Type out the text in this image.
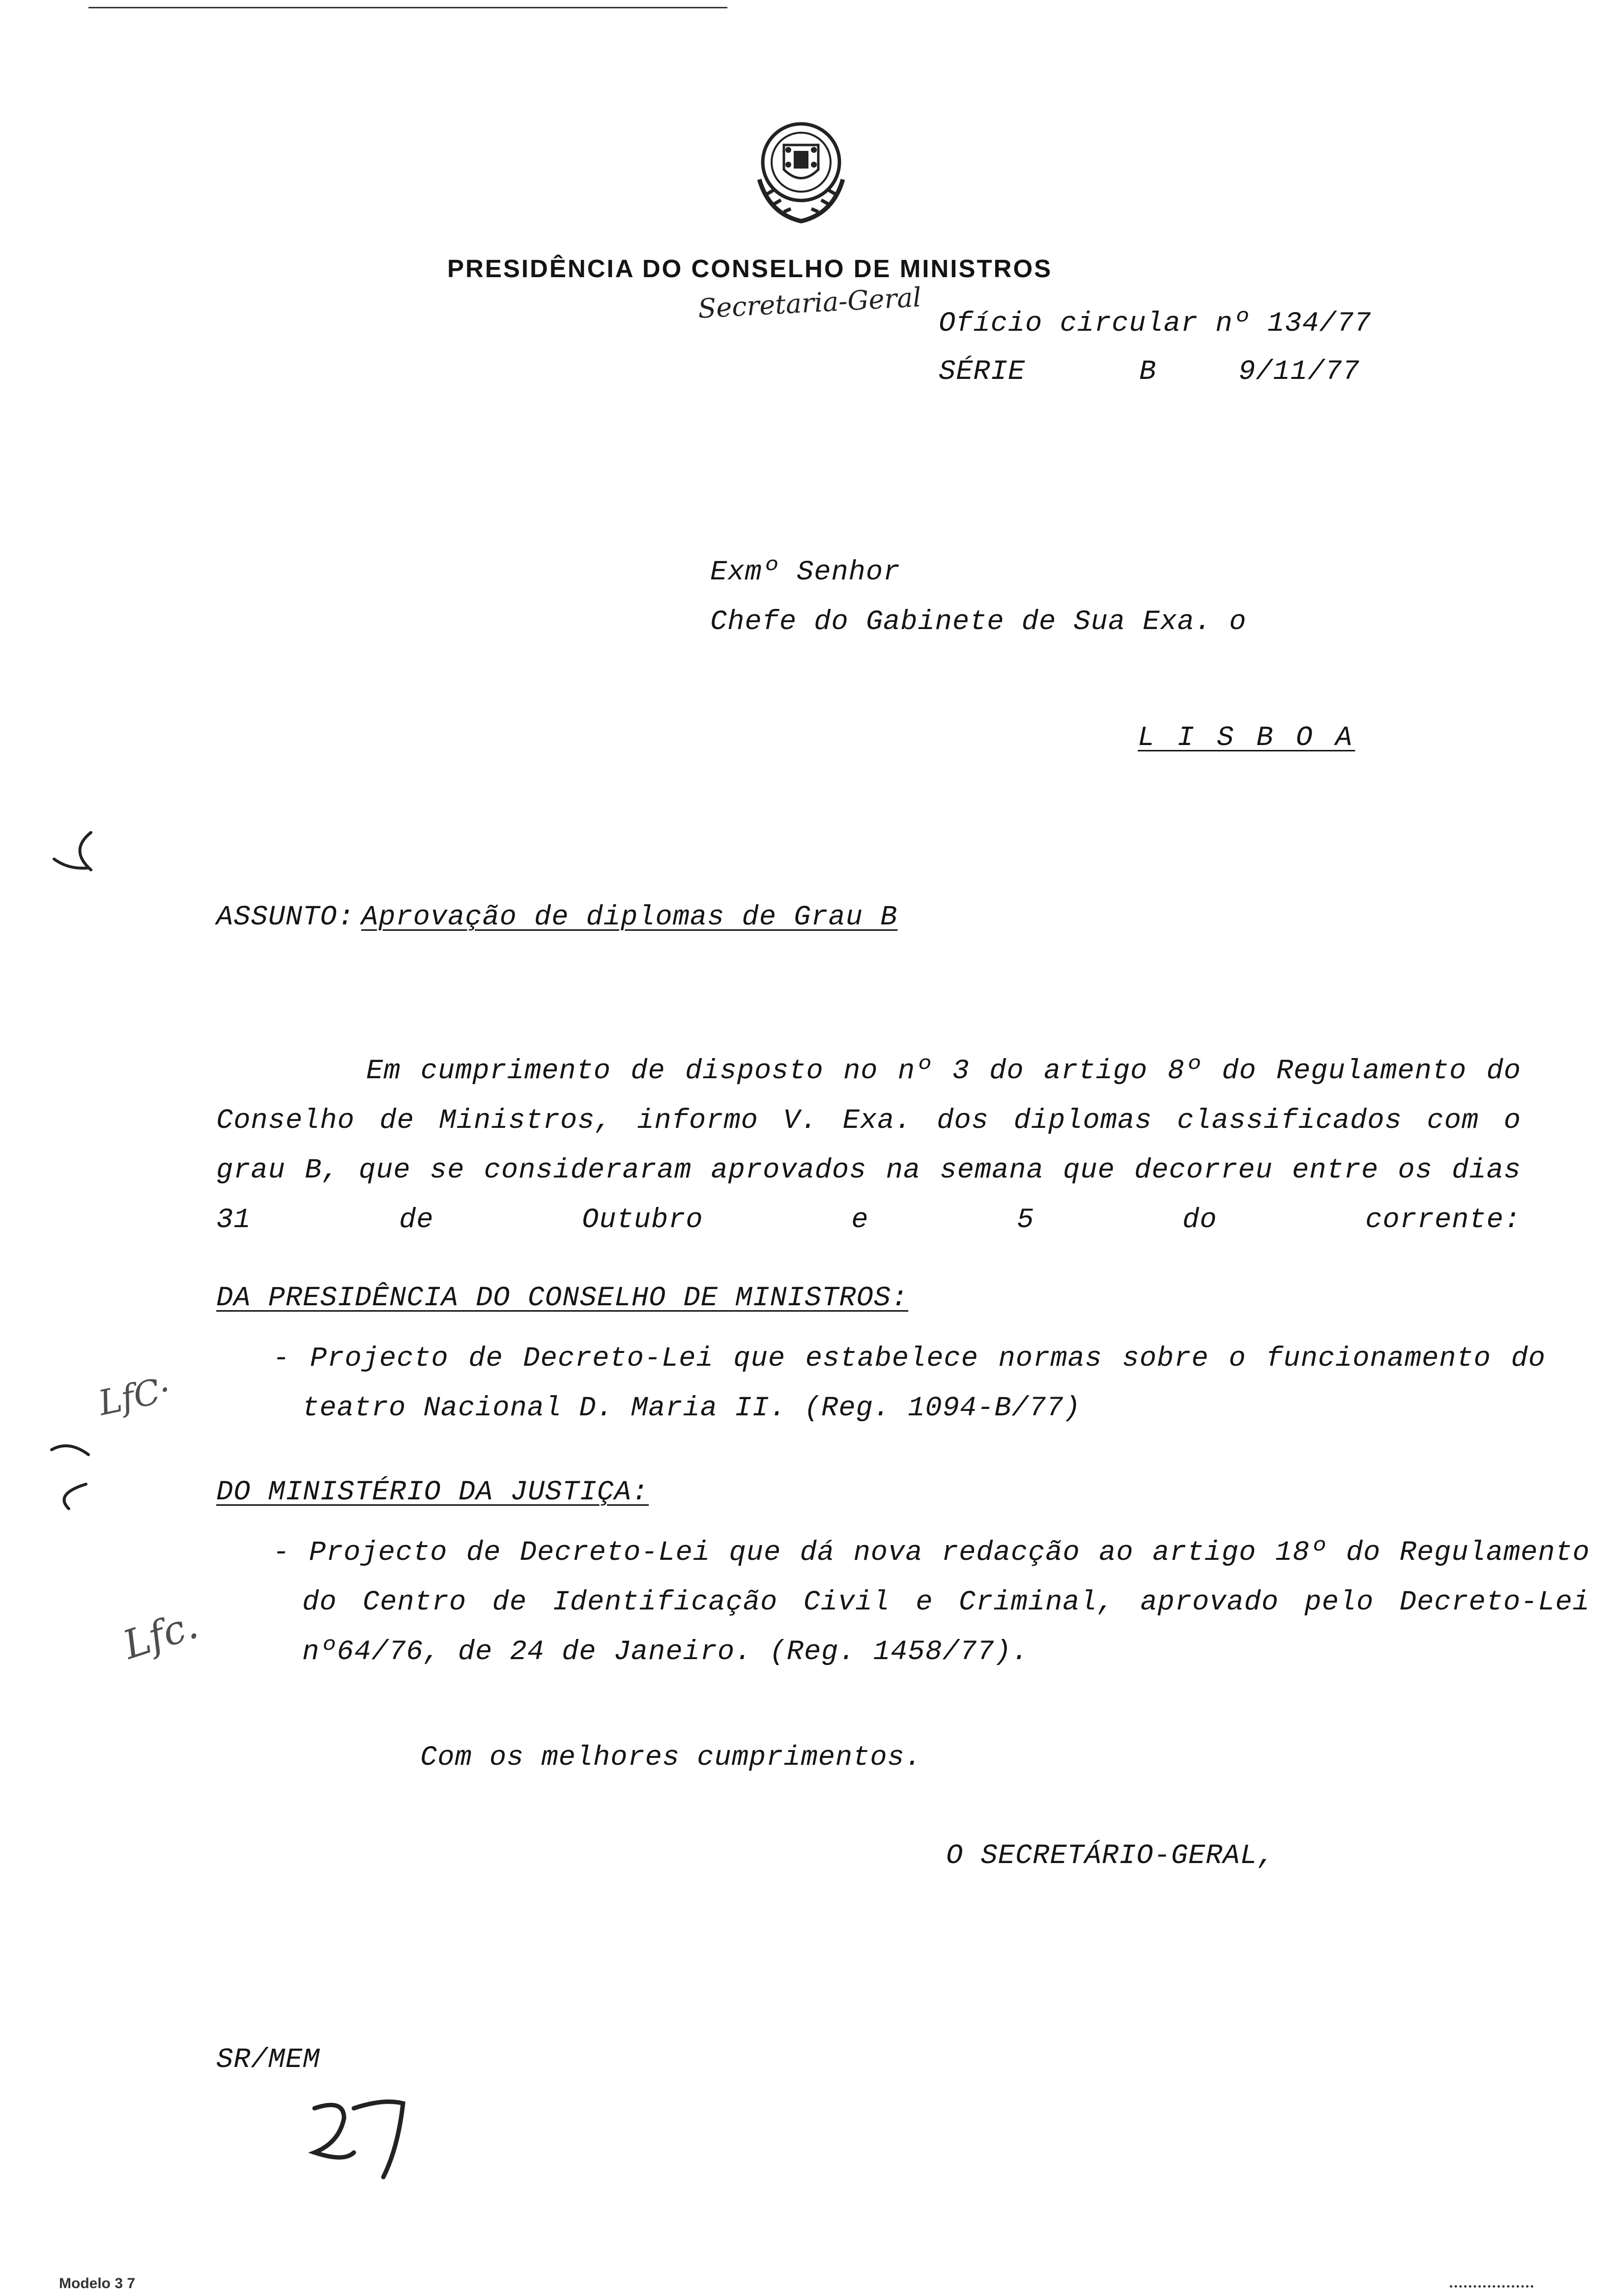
PRESIDÊNCIA DO CONSELHO DE MINISTROS
Secretaria-Geral Ofício circular nº 134/77
SÉRIE	B	9/11/77
Exmº Senhor
Chefe do Gabinete de Sua Exa. o
L I S B O A
ASSUNTO: Aprovação de diplomas de Grau B
Em cumprimento de disposto no nº 3 do artigo 8º do Regulamento do Conselho de Ministros, informo V. Exa. dos diplomas classificados com o grau B, que se consideraram aprovados na semana que decorreu entre os dias 31 de Outubro e 5 do corrente:
DA PRESIDÊNCIA DO CONSELHO DE MINISTROS:
- Projecto de Decreto-Lei que estabelece normas sobre o funcionamento do teatro Nacional D. Maria II. (Reg. 1094-B/77)
LfC·
DO MINISTÉRIO DA JUSTIÇA:
- Projecto de Decreto-Lei que dá nova redacção ao artigo 18º do Regulamento do Centro de Identificação Civil e Criminal, aprovado pelo Decreto-Lei nº64/76, de 24 de Janeiro. (Reg. 1458/77).
Lfc.
Com os melhores cumprimentos.
O SECRETÁRIO-GERAL,
SR/MEM
Modelo 3 7
